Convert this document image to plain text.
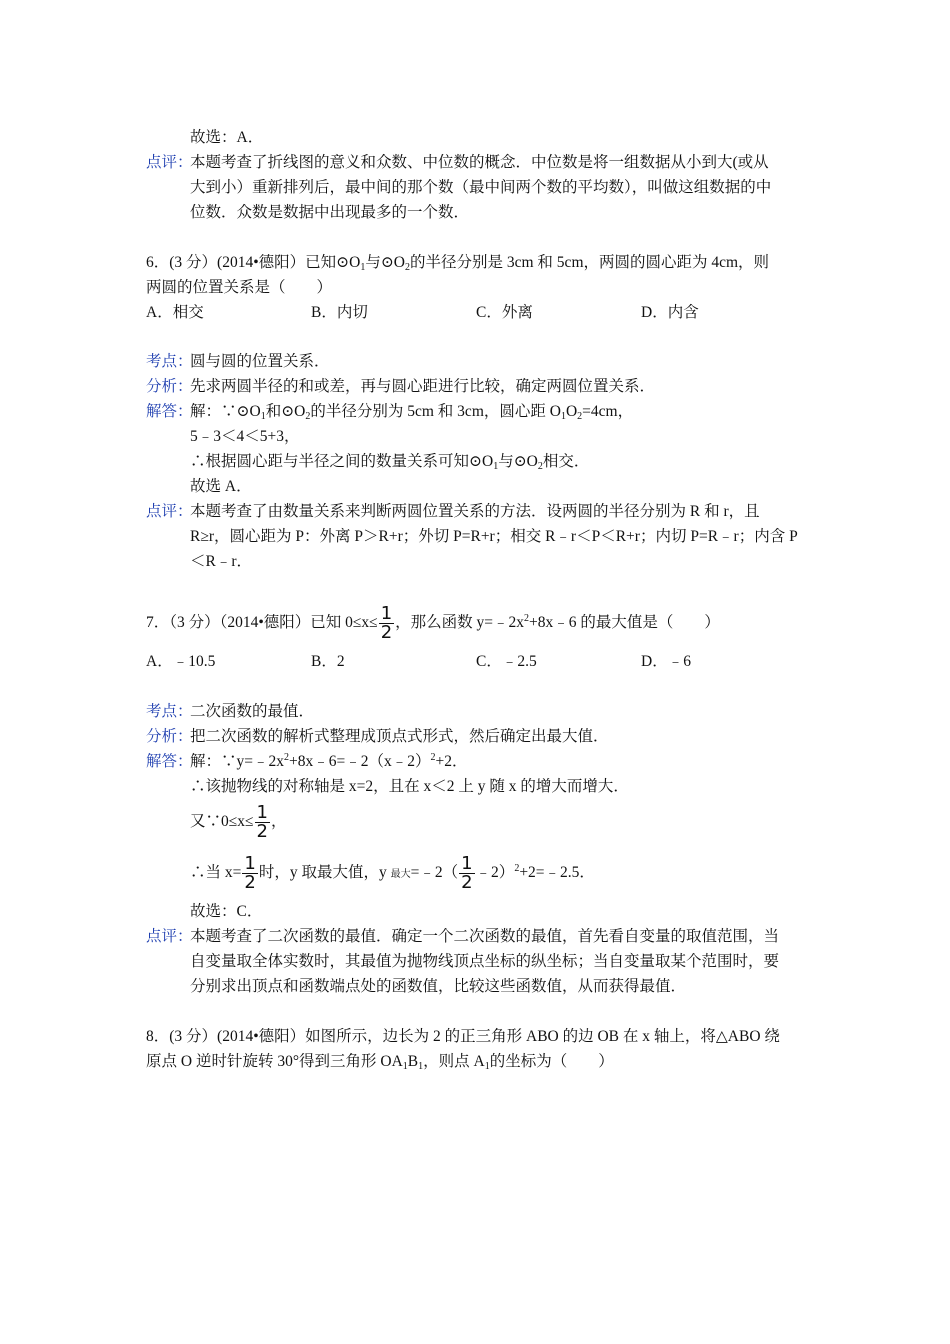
故选：A．
点评：
本题考查了折线图的意义和众数、中位数的概念．中位数是将一组数据从小到大(或从
大到小）重新排列后，最中间的那个数（最中间两个数的平均数），叫做这组数据的中
位数．众数是数据中出现最多的一个数．
6．(3 分）(2014•德阳）已知$⊙O_1$与$⊙O_2$的半径分别是 3cm 和 5cm，两圆的圆心距为 4cm，则
两圆的位置关系是（　　）
A．相交	B．内切	C．外离	D．内含
考点：
圆与圆的位置关系．
分析：
先求两圆半径的和或差，再与圆心距进行比较，确定两圆位置关系．
解答：
解：$\because⊙O_1$和$⊙O_2$的半径分别为 5cm 和 3cm，圆心距 $O_1O_2=4cm$，
5﹣3＜4＜5+3，
∴根据圆心距与半径之间的数量关系可知$⊙O_1$与$⊙O_2$相交．
故选 A．
点评：
本题考查了由数量关系来判断两圆位置关系的方法．设两圆的半径分别为 R 和 r，且
R≥r，圆心距为 P：外离 P＞R+r；外切 P=R+r；相交 R﹣r＜P＜R+r；内切 P=R﹣r；内含 P
＜R﹣r．
7．（3 分）（2014•德阳）已知 $0\le x\le \frac{1}{2}$ ，那么函数 $y=﹣2x^2+8x﹣6$ 的最大值是（　　）
A．﹣10.5	B．2	C．﹣2.5	D．﹣6
考点：
二次函数的最值．
分析：
把二次函数的解析式整理成顶点式形式，然后确定出最大值．
解答：
解：$\because y=﹣2x^2+8x﹣6=﹣2(x﹣2)^2+2$．
∴该抛物线的对称轴是 x=2，且在 x＜2 上 y 随 x 的增大而增大．
又∵0≤x≤ $\frac{1}{2}$ ，
∴当 $x= \frac{1}{2}$ 时，y 取最大值，y 最大=﹣2（ $\frac{1}{2}$ ﹣2）$^2$+2=﹣2.5．
故选：C．
点评：
本题考查了二次函数的最值．确定一个二次函数的最值，首先看自变量的取值范围，当
自变量取全体实数时，其最值为抛物线顶点坐标的纵坐标；当自变量取某个范围时，要
分别求出顶点和函数端点处的函数值，比较这些函数值，从而获得最值．
8．(3 分）(2014•德阳）如图所示，边长为 2 的正三角形 ABO 的边 OB 在 x 轴上，将△ABO 绕
原点 O 逆时针旋转 30°得到三角形 $OA_1B_1$，则点 $A_1$的坐标为（　　）
